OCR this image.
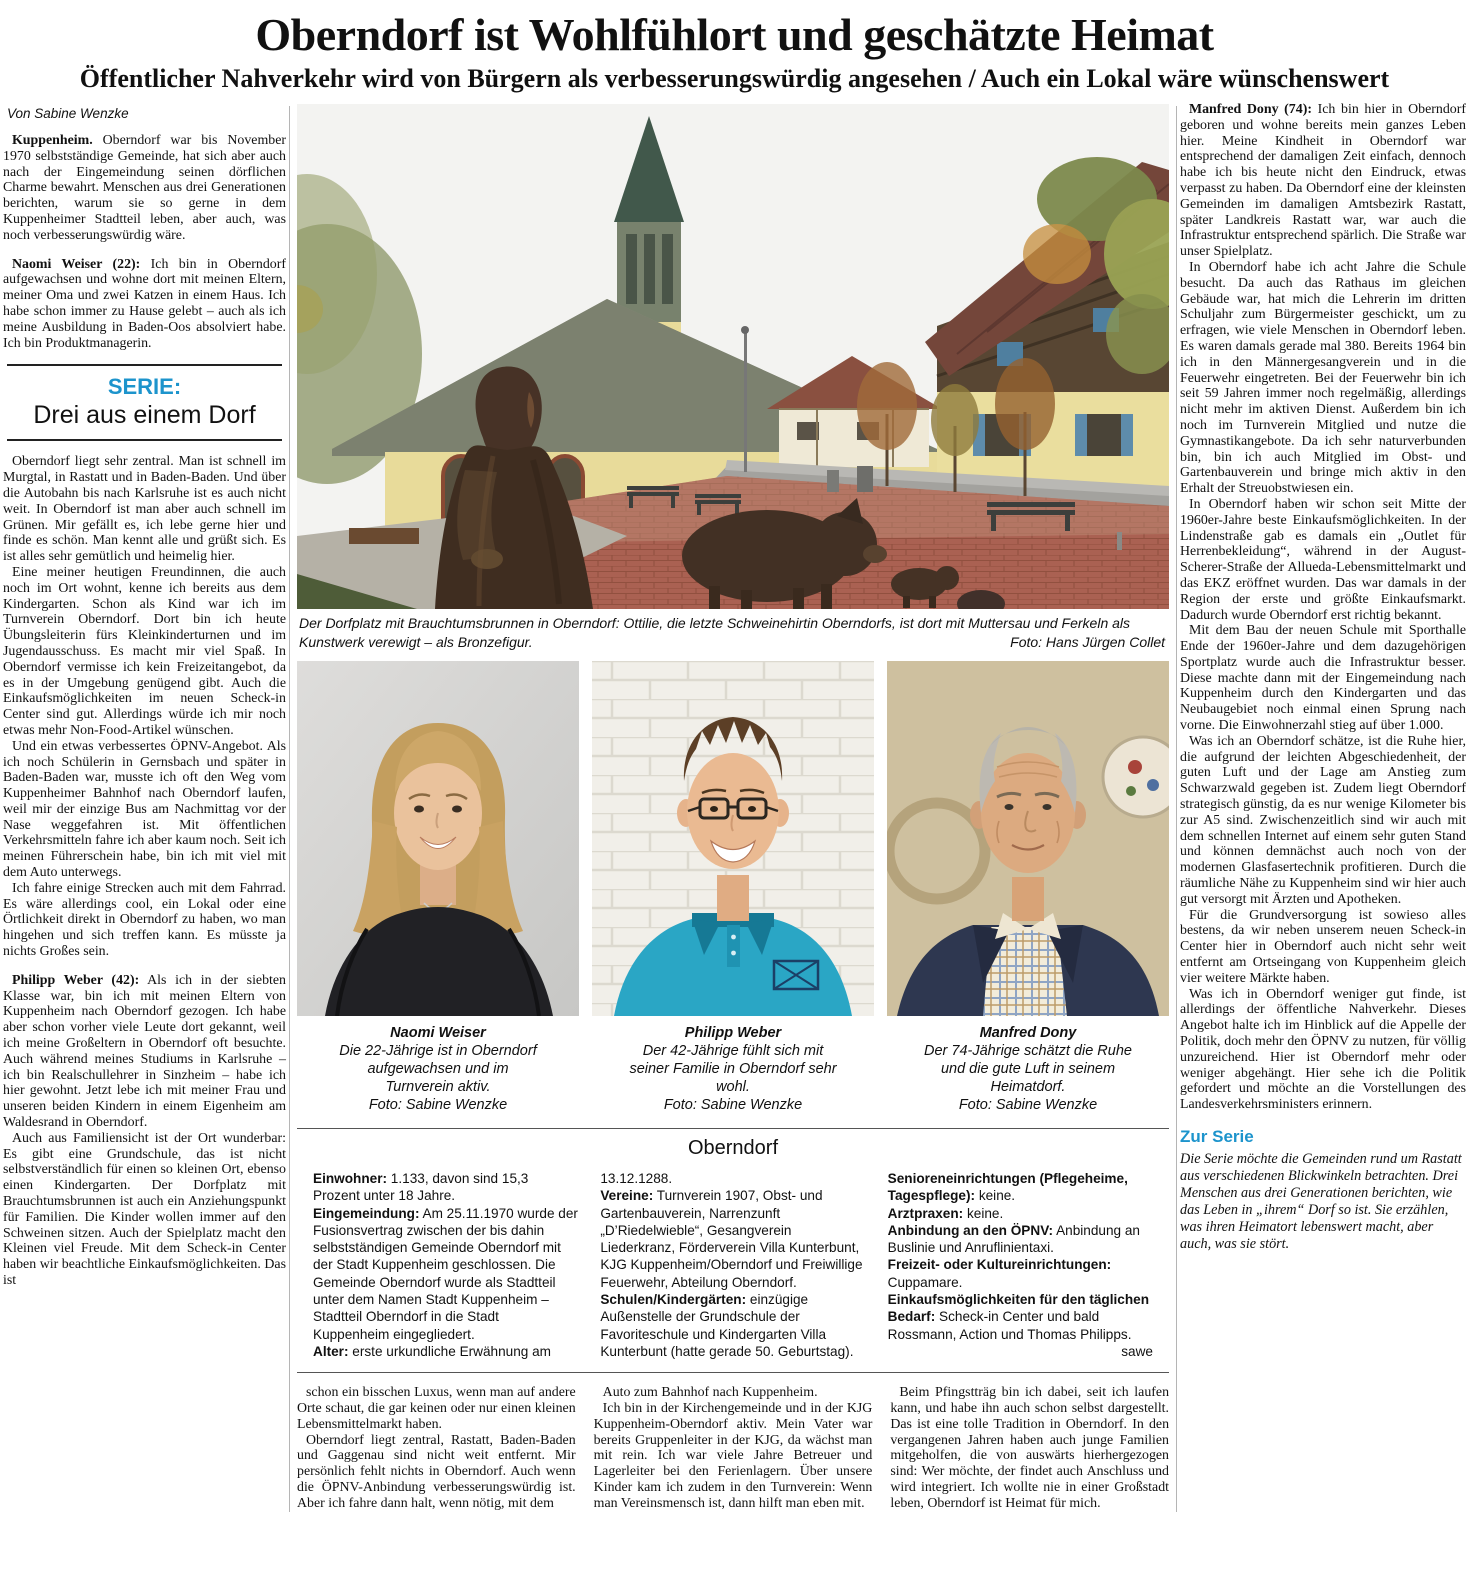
Oberndorf ist Wohlfühlort und geschätzte Heimat
Öffentlicher Nahverkehr wird von Bürgern als verbesserungswürdig angesehen / Auch ein Lokal wäre wünschenswert
Von Sabine Wenzke

Kuppenheim. Oberndorf war bis November 1970 selbstständige Gemeinde, hat sich aber auch nach der Eingemeindung seinen dörflichen Charme bewahrt. Menschen aus drei Generationen berichten, warum sie so gerne in dem Kuppenheimer Stadtteil leben, aber auch, was noch verbesserungswürdig wäre.

Naomi Weiser (22): Ich bin in Oberndorf aufgewachsen und wohne dort mit meinen Eltern, meiner Oma und zwei Katzen in einem Haus. Ich habe schon immer zu Hause gelebt – auch als ich meine Ausbildung in Baden-Oos absolviert habe. Ich bin Produktmanagerin.

SERIE:
Drei aus einem Dorf

Oberndorf liegt sehr zentral. Man ist schnell im Murgtal, in Rastatt und in Baden-Baden. Und über die Autobahn bis nach Karlsruhe ist es auch nicht weit. In Oberndorf ist man aber auch schnell im Grünen. Mir gefällt es, ich lebe gerne hier und finde es schön. Man kennt alle und grüßt sich. Es ist alles sehr gemütlich und heimelig hier.

Eine meiner heutigen Freundinnen, die auch noch im Ort wohnt, kenne ich bereits aus dem Kindergarten. Schon als Kind war ich im Turnverein Oberndorf. Dort bin ich heute Übungsleiterin fürs Kleinkinderturnen und im Jugendausschuss. Es macht mir viel Spaß. In Oberndorf vermisse ich kein Freizeitangebot, da es in der Umgebung genügend gibt. Auch die Einkaufsmöglichkeiten im neuen Scheck-in Center sind gut. Allerdings würde ich mir noch etwas mehr Non-Food-Artikel wünschen.

Und ein etwas verbessertes ÖPNV-Angebot. Als ich noch Schülerin in Gernsbach und später in Baden-Baden war, musste ich oft den Weg vom Kuppenheimer Bahnhof nach Oberndorf laufen, weil mir der einzige Bus am Nachmittag vor der Nase weggefahren ist. Mit öffentlichen Verkehrsmitteln fahre ich aber kaum noch. Seit ich meinen Führerschein habe, bin ich mit viel mit dem Auto unterwegs.

Ich fahre einige Strecken auch mit dem Fahrrad. Es wäre allerdings cool, ein Lokal oder eine Örtlichkeit direkt in Oberndorf zu haben, wo man hingehen und sich treffen kann. Es müsste ja nichts Großes sein.

Philipp Weber (42): Als ich in der siebten Klasse war, bin ich mit meinen Eltern von Kuppenheim nach Oberndorf gezogen. Ich habe aber schon vorher viele Leute dort gekannt, weil ich meine Großeltern in Oberndorf oft besuchte. Auch während meines Studiums in Karlsruhe – ich bin Realschullehrer in Sinzheim – habe ich hier gewohnt. Jetzt lebe ich mit meiner Frau und unseren beiden Kindern in einem Eigenheim am Waldesrand in Oberndorf.

Auch aus Familiensicht ist der Ort wunderbar: Es gibt eine Grundschule, das ist nicht selbstverständlich für einen so kleinen Ort, ebenso einen Kindergarten. Der Dorfplatz mit Brauchtumsbrunnen ist auch ein Anziehungspunkt für Familien. Die Kinder wollen immer auf den Schweinen sitzen. Auch der Spielplatz macht den Kleinen viel Freude. Mit dem Scheck-in Center haben wir beachtliche Einkaufsmöglichkeiten. Das ist

Der Dorfplatz mit Brauchtumsbrunnen in Oberndorf: Ottilie, die letzte Schweinehirtin Oberndorfs, ist dort mit Muttersau und Ferkeln als Kunstwerk verewigt – als Bronzefigur.	Foto: Hans Jürgen Collet
Naomi Weiser
Die 22-Jährige ist in Oberndorf aufgewachsen und im Turnverein aktiv.
Foto: Sabine Wenzke
Philipp Weber
Der 42-Jährige fühlt sich mit seiner Familie in Oberndorf sehr wohl.
Foto: Sabine Wenzke
Manfred Dony
Der 74-Jährige schätzt die Ruhe und die gute Luft in seinem Heimatdorf.
Foto: Sabine Wenzke
Oberndorf

Einwohner: 1.133, davon sind 15,3 Prozent unter 18 Jahre.

Eingemeindung: Am 25.11.1970 wurde der Fusionsvertrag zwischen der bis dahin selbstständigen Gemeinde Oberndorf mit der Stadt Kuppenheim geschlossen. Die Gemeinde Oberndorf wurde als Stadtteil unter dem Namen Stadt Kuppenheim – Stadtteil Oberndorf in die Stadt Kuppenheim eingegliedert.

Alter: erste urkundliche Erwähnung am

13.12.1288.

Vereine: Turnverein 1907, Obst- und Gartenbauverein, Narrenzunft „D’Riedelwieble“, Gesangverein Liederkranz, Förderverein Villa Kunterbunt, KJG Kuppenheim/Oberndorf und Freiwillige Feuerwehr, Abteilung Oberndorf.

Schulen/Kindergärten: einzügige Außenstelle der Grundschule der Favoriteschule und Kindergarten Villa Kunterbunt (hatte gerade 50. Geburtstag).

Senioreneinrichtungen (Pflegeheime, Tagespflege): keine.

Arztpraxen: keine.

Anbindung an den ÖPNV: Anbindung an Buslinie und Anruflinientaxi.

Freizeit- oder Kultureinrichtungen: Cuppamare.

Einkaufsmöglichkeiten für den täglichen Bedarf: Scheck-in Center und bald Rossmann, Action und Thomas Philipps.
sawe

schon ein bisschen Luxus, wenn man auf andere Orte schaut, die gar keinen oder nur einen kleinen Lebensmittelmarkt haben.

Oberndorf liegt zentral, Rastatt, Baden-Baden und Gaggenau sind nicht weit entfernt. Mir persönlich fehlt nichts in Oberndorf. Auch wenn die ÖPNV-Anbindung verbesserungswürdig ist. Aber ich fahre dann halt, wenn nötig, mit dem

Auto zum Bahnhof nach Kuppenheim.

Ich bin in der Kirchengemeinde und in der KJG Kuppenheim-Oberndorf aktiv. Mein Vater war bereits Gruppenleiter in der KJG, da wächst man mit rein. Ich war viele Jahre Betreuer und Lagerleiter bei den Ferienlagern. Über unsere Kinder kam ich zudem in den Turnverein: Wenn man Vereinsmensch ist, dann hilft man eben mit.

Beim Pfingstträg bin ich dabei, seit ich laufen kann, und habe ihn auch schon selbst dargestellt. Das ist eine tolle Tradition in Oberndorf. In den vergangenen Jahren haben auch junge Familien mitgeholfen, die von auswärts hierhergezogen sind: Wer möchte, der findet auch Anschluss und wird integriert. Ich wollte nie in einer Großstadt leben, Oberndorf ist Heimat für mich.

Manfred Dony (74): Ich bin hier in Oberndorf geboren und wohne bereits mein ganzes Leben hier. Meine Kindheit in Oberndorf war entsprechend der damaligen Zeit einfach, dennoch habe ich bis heute nicht den Eindruck, etwas verpasst zu haben. Da Oberndorf eine der kleinsten Gemeinden im damaligen Amtsbezirk Rastatt, später Landkreis Rastatt war, war auch die Infrastruktur entsprechend spärlich. Die Straße war unser Spielplatz.

In Oberndorf habe ich acht Jahre die Schule besucht. Da auch das Rathaus im gleichen Gebäude war, hat mich die Lehrerin im dritten Schuljahr zum Bürgermeister geschickt, um zu erfragen, wie viele Menschen in Oberndorf leben. Es waren damals gerade mal 380. Bereits 1964 bin ich in den Männergesangverein und in die Feuerwehr eingetreten. Bei der Feuerwehr bin ich seit 59 Jahren immer noch regelmäßig, allerdings nicht mehr im aktiven Dienst. Außerdem bin ich noch im Turnverein Mitglied und nutze die Gymnastikangebote. Da ich sehr naturverbunden bin, bin ich auch Mitglied im Obst- und Gartenbauverein und bringe mich aktiv in den Erhalt der Streuobstwiesen ein.

In Oberndorf haben wir schon seit Mitte der 1960er-Jahre beste Einkaufsmöglichkeiten. In der Lindenstraße gab es damals ein „Outlet für Herrenbekleidung“, während in der August-Scherer-Straße der Allueda-Lebensmittelmarkt und das EKZ eröffnet wurden. Das war damals in der Region der erste und größte Einkaufsmarkt. Dadurch wurde Oberndorf erst richtig bekannt.

Mit dem Bau der neuen Schule mit Sporthalle Ende der 1960er-Jahre und dem dazugehörigen Sportplatz wurde auch die Infrastruktur besser. Diese machte dann mit der Eingemeindung nach Kuppenheim durch den Kindergarten und das Neubaugebiet noch einmal einen Sprung nach vorne. Die Einwohnerzahl stieg auf über 1.000.

Was ich an Oberndorf schätze, ist die Ruhe hier, die aufgrund der leichten Abgeschiedenheit, der guten Luft und der Lage am Anstieg zum Schwarzwald gegeben ist. Zudem liegt Oberndorf strategisch günstig, da es nur wenige Kilometer bis zur A5 sind. Zwischenzeitlich sind wir auch mit dem schnellen Internet auf einem sehr guten Stand und können demnächst auch noch von der modernen Glasfasertechnik profitieren. Durch die räumliche Nähe zu Kuppenheim sind wir hier auch gut versorgt mit Ärzten und Apotheken.

Für die Grundversorgung ist sowieso alles bestens, da wir neben unserem neuen Scheck-in Center hier in Oberndorf auch nicht sehr weit entfernt am Ortseingang von Kuppenheim gleich vier weitere Märkte haben.

Was ich in Oberndorf weniger gut finde, ist allerdings der öffentliche Nahverkehr. Dieses Angebot halte ich im Hinblick auf die Appelle der Politik, doch mehr den ÖPNV zu nutzen, für völlig unzureichend. Hier ist Oberndorf mehr oder weniger abgehängt. Hier sehe ich die Politik gefordert und möchte an die Vorstellungen des Landesverkehrsministers erinnern.

Zur Serie

Die Serie möchte die Gemeinden rund um Rastatt aus verschiedenen Blickwinkeln betrachten. Drei Menschen aus drei Generationen berichten, wie das Leben in „ihrem“ Dorf so ist. Sie erzählen, was ihren Heimatort lebenswert macht, aber auch, was sie stört.
